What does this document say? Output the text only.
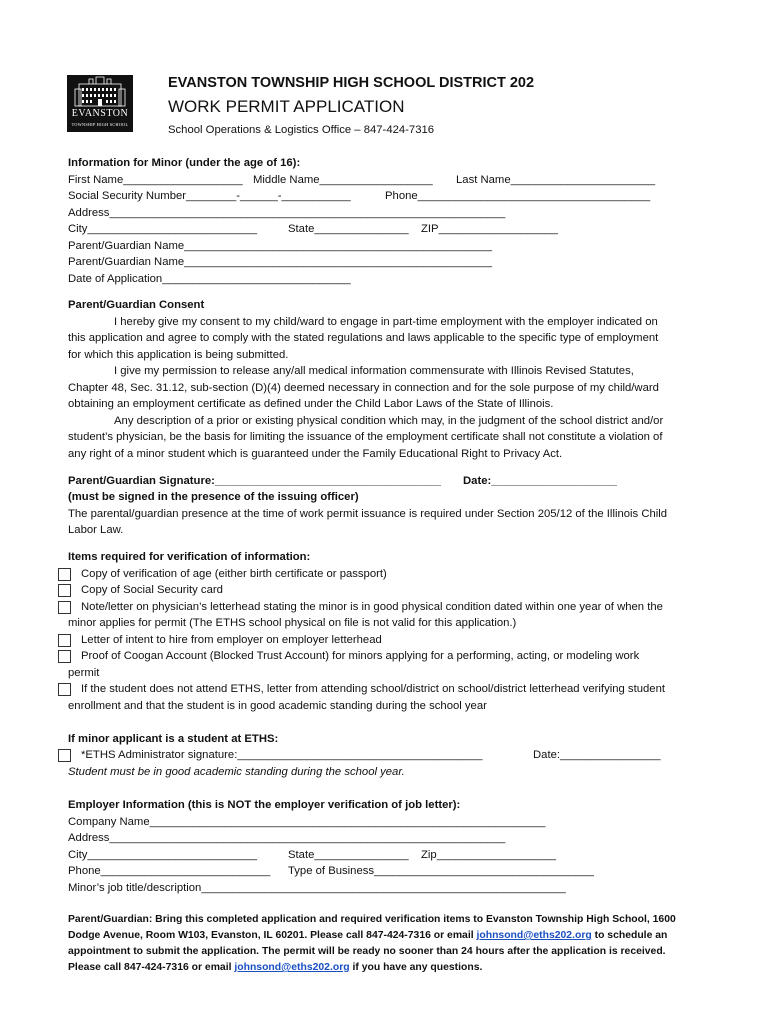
EVANSTON
TOWNSHIP HIGH SCHOOL
EVANSTON TOWNSHIP HIGH SCHOOL DISTRICT 202
WORK PERMIT APPLICATION
School Operations & Logistics Office – 847-424-7316
Information for Minor (under the age of 16):
First Name___________________ Middle Name__________________ Last Name_______________________
Social Security Number________-______-___________	Phone_____________________________________
Address_______________________________________________________________
City___________________________	State_______________ ZIP___________________
Parent/Guardian Name_________________________________________________
Parent/Guardian Name_________________________________________________
Date of Application______________________________
Parent/Guardian Consent
I hereby give my consent to my child/ward to engage in part-time employment with the employer indicated on
this application and agree to comply with the stated regulations and laws applicable to the specific type of employment
for which this application is being submitted.
I give my permission to release any/all medical information commensurate with Illinois Revised Statutes,
Chapter 48, Sec. 31.12, sub-section (D)(4) deemed necessary in connection and for the sole purpose of my child/ward
obtaining an employment certificate as defined under the Child Labor Laws of the State of Illinois.
Any description of a prior or existing physical condition which may, in the judgment of the school district and/or
student’s physician, be the basis for limiting the issuance of the employment certificate shall not constitute a violation of
any right of a minor student which is guaranteed under the Family Educational Right to Privacy Act.
Parent/Guardian Signature:____________________________________ Date:____________________
(must be signed in the presence of the issuing officer)
The parental/guardian presence at the time of work permit issuance is required under Section 205/12 of the Illinois Child
Labor Law.
Items required for verification of information:
Copy of verification of age (either birth certificate or passport)
Copy of Social Security card
Note/letter on physician’s letterhead stating the minor is in good physical condition dated within one year of when the
minor applies for permit (The ETHS school physical on file is not valid for this application.)
Letter of intent to hire from employer on employer letterhead
Proof of Coogan Account (Blocked Trust Account) for minors applying for a performing, acting, or modeling work
permit
If the student does not attend ETHS, letter from attending school/district on school/district letterhead verifying student
enrollment and that the student is in good academic standing during the school year
If minor applicant is a student at ETHS:
*ETHS Administrator signature:_______________________________________	Date:________________
Student must be in good academic standing during the school year.
Employer Information (this is NOT the employer verification of job letter):
Company Name_______________________________________________________________
Address_______________________________________________________________
City___________________________	State_______________ Zip___________________
Phone___________________________ Type of Business___________________________________
Minor’s job title/description__________________________________________________________
Parent/Guardian: Bring this completed application and required verification items to Evanston Township High School, 1600
Dodge Avenue, Room W103, Evanston, IL 60201. Please call 847-424-7316 or email johnsond@eths202.org to schedule an
appointment to submit the application. The permit will be ready no sooner than 24 hours after the application is received.
Please call 847-424-7316 or email johnsond@eths202.org if you have any questions.
